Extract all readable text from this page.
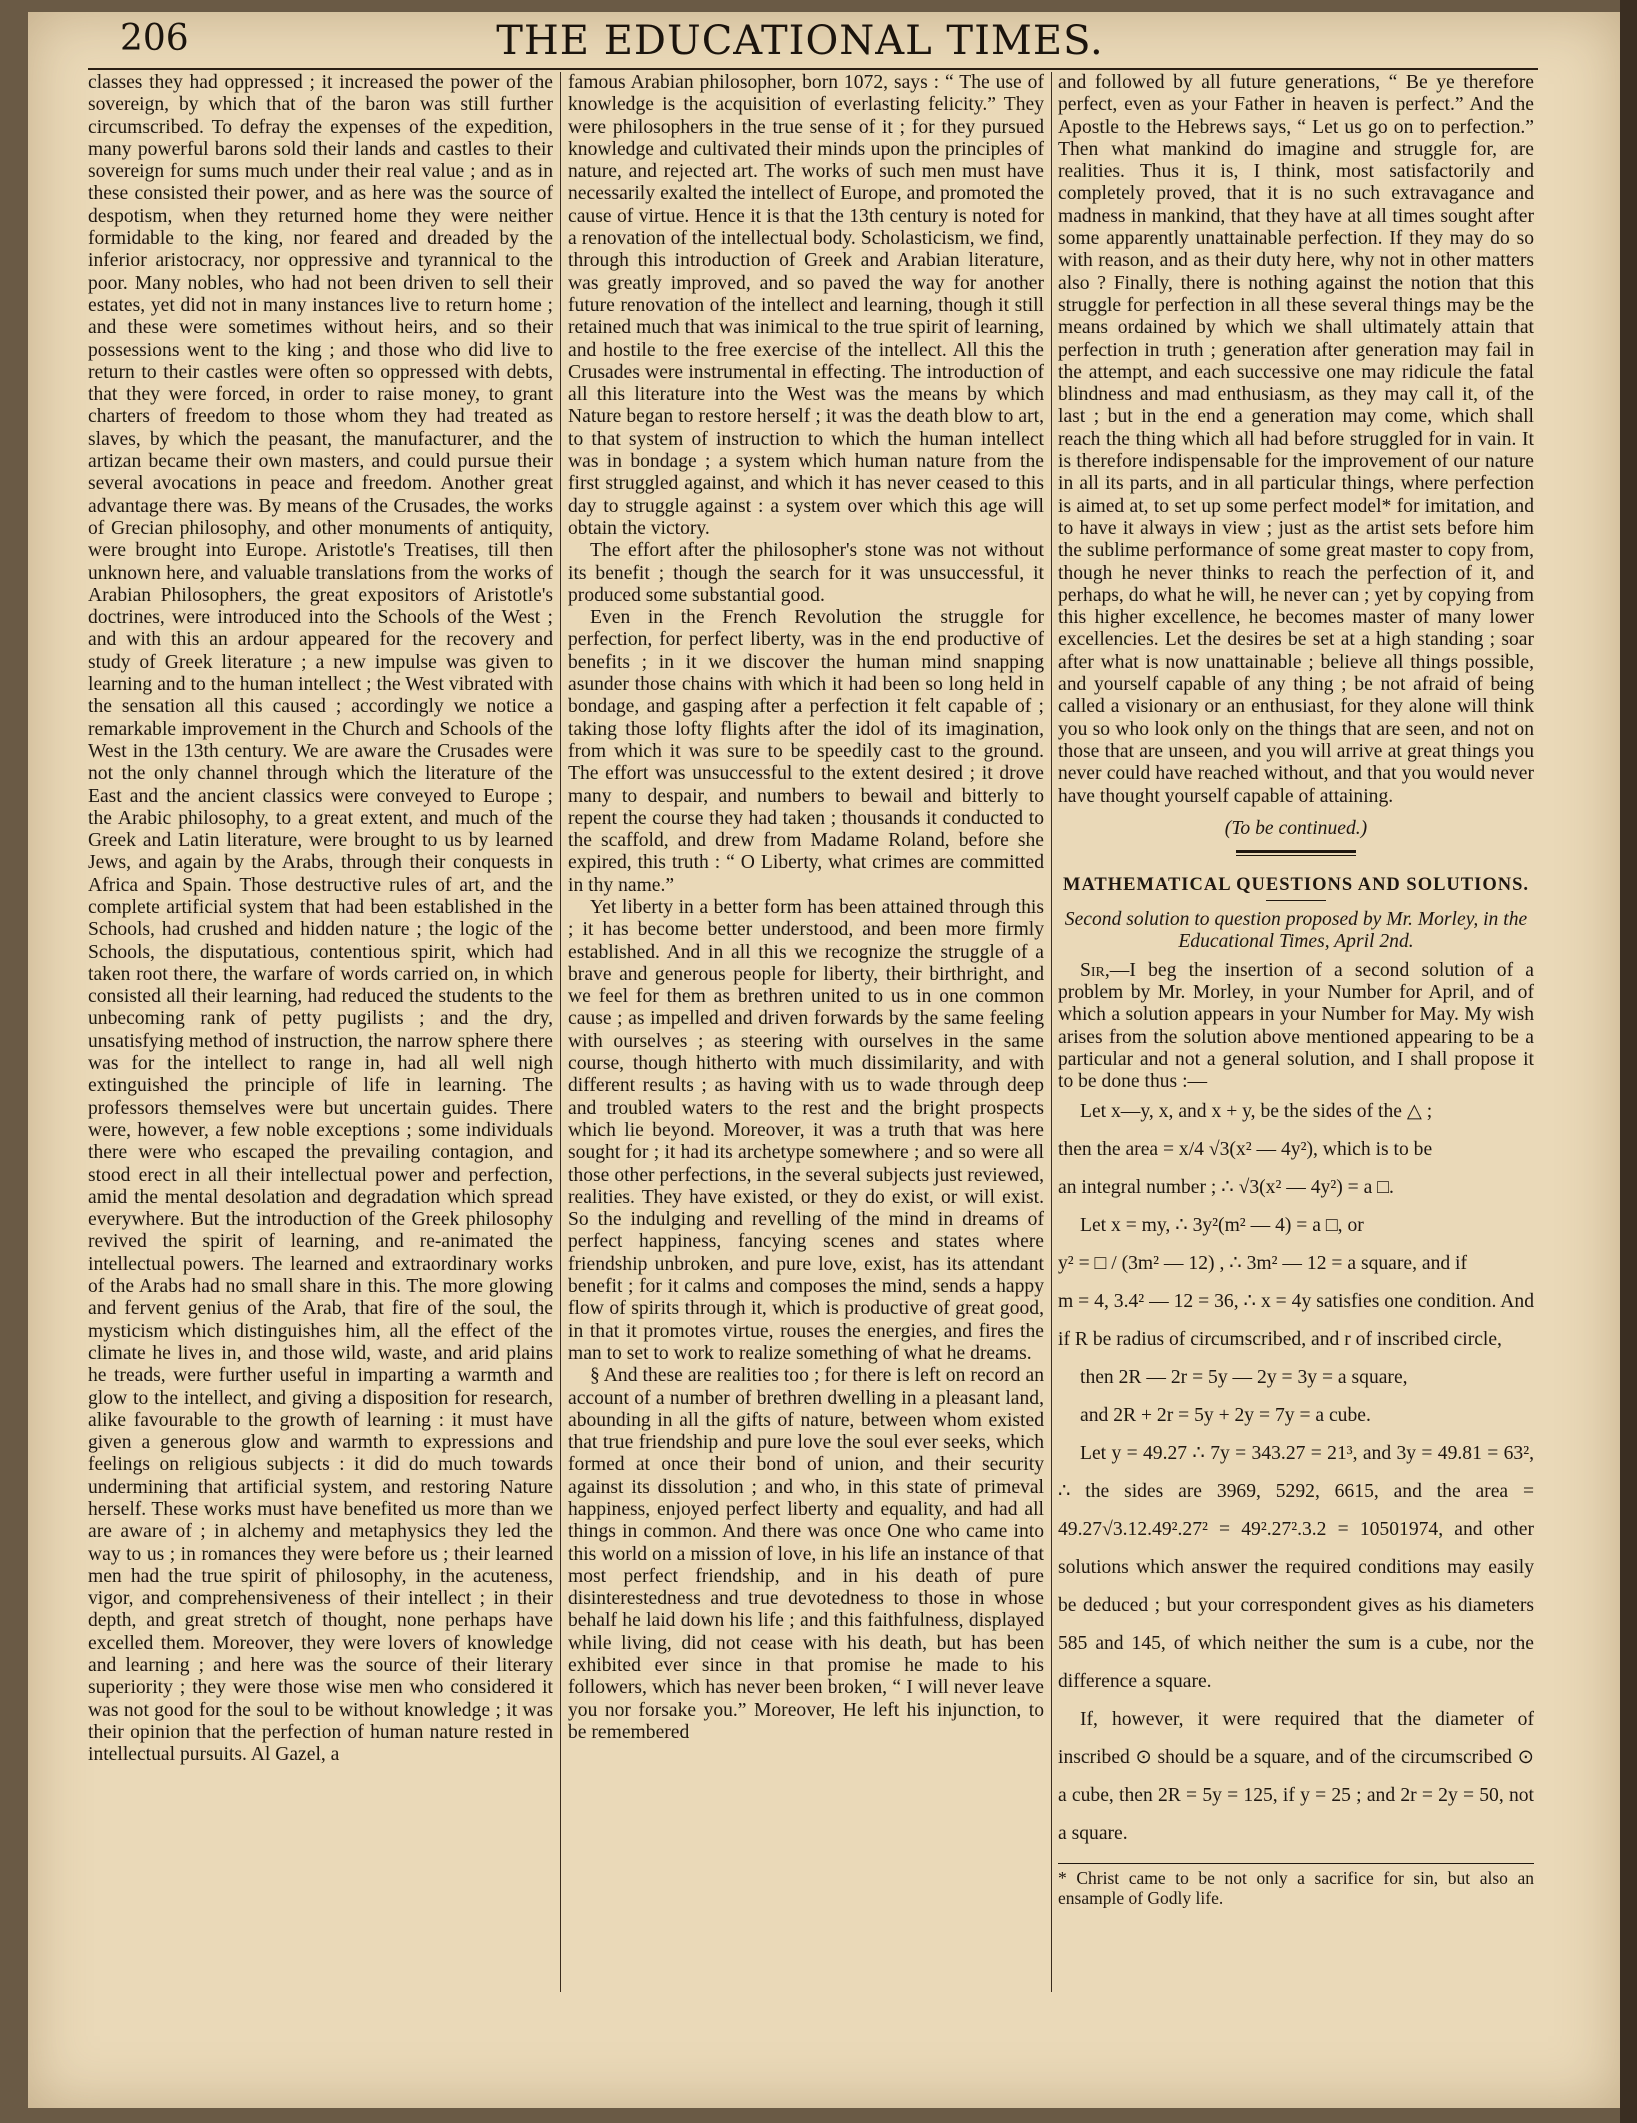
206	THE EDUCATIONAL TIMES.

classes they had oppressed ; it increased the power of the sovereign, by which that of the baron was still further circumscribed. To defray the expenses of the expedition, many powerful barons sold their lands and castles to their sovereign for sums much under their real value ; and as in these consisted their power, and as here was the source of despotism, when they returned home they were neither formidable to the king, nor feared and dreaded by the inferior aristocracy, nor oppressive and tyrannical to the poor. Many nobles, who had not been driven to sell their estates, yet did not in many instances live to return home ; and these were sometimes without heirs, and so their possessions went to the king ; and those who did live to return to their castles were often so oppressed with debts, that they were forced, in order to raise money, to grant charters of freedom to those whom they had treated as slaves, by which the peasant, the manufacturer, and the artizan became their own masters, and could pursue their several avocations in peace and freedom. Another great advantage there was. By means of the Crusades, the works of Grecian philosophy, and other monuments of antiquity, were brought into Europe. Aristotle's Treatises, till then unknown here, and valuable translations from the works of Arabian Philosophers, the great expositors of Aristotle's doctrines, were introduced into the Schools of the West ; and with this an ardour appeared for the recovery and study of Greek literature ; a new impulse was given to learning and to the human intellect ; the West vibrated with the sensation all this caused ; accordingly we notice a remarkable improvement in the Church and Schools of the West in the 13th century. We are aware the Crusades were not the only channel through which the literature of the East and the ancient classics were conveyed to Europe ; the Arabic philosophy, to a great extent, and much of the Greek and Latin literature, were brought to us by learned Jews, and again by the Arabs, through their conquests in Africa and Spain. Those destructive rules of art, and the complete artificial system that had been established in the Schools, had crushed and hidden nature ; the logic of the Schools, the disputatious, contentious spirit, which had taken root there, the warfare of words carried on, in which consisted all their learning, had reduced the students to the unbecoming rank of petty pugilists ; and the dry, unsatisfying method of instruction, the narrow sphere there was for the intellect to range in, had all well nigh extinguished the principle of life in learning. The professors themselves were but uncertain guides. There were, however, a few noble exceptions ; some individuals there were who escaped the prevailing contagion, and stood erect in all their intellectual power and perfection, amid the mental desolation and degradation which spread everywhere. But the introduction of the Greek philosophy revived the spirit of learning, and re-animated the intellectual powers. The learned and extraordinary works of the Arabs had no small share in this. The more glowing and fervent genius of the Arab, that fire of the soul, the mysticism which distinguishes him, all the effect of the climate he lives in, and those wild, waste, and arid plains he treads, were further useful in imparting a warmth and glow to the intellect, and giving a disposition for research, alike favourable to the growth of learning : it must have given a generous glow and warmth to expressions and feelings on religious subjects : it did do much towards undermining that artificial system, and restoring Nature herself. These works must have benefited us more than we are aware of ; in alchemy and metaphysics they led the way to us ; in romances they were before us ; their learned men had the true spirit of philosophy, in the acuteness, vigor, and comprehensiveness of their intellect ; in their depth, and great stretch of thought, none perhaps have excelled them. Moreover, they were lovers of knowledge and learning ; and here was the source of their literary superiority ; they were those wise men who considered it was not good for the soul to be without knowledge ; it was their opinion that the perfection of human nature rested in intellectual pursuits. Al Gazel, a

famous Arabian philosopher, born 1072, says : “ The use of knowledge is the acquisition of everlasting felicity.” They were philosophers in the true sense of it ; for they pursued knowledge and cultivated their minds upon the principles of nature, and rejected art. The works of such men must have necessarily exalted the intellect of Europe, and promoted the cause of virtue. Hence it is that the 13th century is noted for a renovation of the intellectual body. Scholasticism, we find, through this introduction of Greek and Arabian literature, was greatly improved, and so paved the way for another future renovation of the intellect and learning, though it still retained much that was inimical to the true spirit of learning, and hostile to the free exercise of the intellect. All this the Crusades were instrumental in effecting. The introduction of all this literature into the West was the means by which Nature began to restore herself ; it was the death blow to art, to that system of instruction to which the human intellect was in bondage ; a system which human nature from the first struggled against, and which it has never ceased to this day to struggle against : a system over which this age will obtain the victory.

The effort after the philosopher's stone was not without its benefit ; though the search for it was unsuccessful, it produced some substantial good.

Even in the French Revolution the struggle for perfection, for perfect liberty, was in the end productive of benefits ; in it we discover the human mind snapping asunder those chains with which it had been so long held in bondage, and gasping after a perfection it felt capable of ; taking those lofty flights after the idol of its imagination, from which it was sure to be speedily cast to the ground. The effort was unsuccessful to the extent desired ; it drove many to despair, and numbers to bewail and bitterly to repent the course they had taken ; thousands it conducted to the scaffold, and drew from Madame Roland, before she expired, this truth : “ O Liberty, what crimes are committed in thy name.”

Yet liberty in a better form has been attained through this ; it has become better understood, and been more firmly established. And in all this we recognize the struggle of a brave and generous people for liberty, their birthright, and we feel for them as brethren united to us in one common cause ; as impelled and driven forwards by the same feeling with ourselves ; as steering with ourselves in the same course, though hitherto with much dissimilarity, and with different results ; as having with us to wade through deep and troubled waters to the rest and the bright prospects which lie beyond. Moreover, it was a truth that was here sought for ; it had its archetype somewhere ; and so were all those other perfections, in the several subjects just reviewed, realities. They have existed, or they do exist, or will exist. So the indulging and revelling of the mind in dreams of perfect happiness, fancying scenes and states where friendship unbroken, and pure love, exist, has its attendant benefit ; for it calms and composes the mind, sends a happy flow of spirits through it, which is productive of great good, in that it promotes virtue, rouses the energies, and fires the man to set to work to realize something of what he dreams.

§ And these are realities too ; for there is left on record an account of a number of brethren dwelling in a pleasant land, abounding in all the gifts of nature, between whom existed that true friendship and pure love the soul ever seeks, which formed at once their bond of union, and their security against its dissolution ; and who, in this state of primeval happiness, enjoyed perfect liberty and equality, and had all things in common. And there was once One who came into this world on a mission of love, in his life an instance of that most perfect friendship, and in his death of pure disinterestedness and true devotedness to those in whose behalf he laid down his life ; and this faithfulness, displayed while living, did not cease with his death, but has been exhibited ever since in that promise he made to his followers, which has never been broken, “ I will never leave you nor forsake you.” Moreover, He left his injunction, to be remembered

and followed by all future generations, “ Be ye therefore perfect, even as your Father in heaven is perfect.” And the Apostle to the Hebrews says, “ Let us go on to perfection.” Then what mankind do imagine and struggle for, are realities. Thus it is, I think, most satisfactorily and completely proved, that it is no such extravagance and madness in mankind, that they have at all times sought after some apparently unattainable perfection. If they may do so with reason, and as their duty here, why not in other matters also ? Finally, there is nothing against the notion that this struggle for perfection in all these several things may be the means ordained by which we shall ultimately attain that perfection in truth ; generation after generation may fail in the attempt, and each successive one may ridicule the fatal blindness and mad enthusiasm, as they may call it, of the last ; but in the end a generation may come, which shall reach the thing which all had before struggled for in vain. It is therefore indispensable for the improvement of our nature in all its parts, and in all particular things, where perfection is aimed at, to set up some perfect model* for imitation, and to have it always in view ; just as the artist sets before him the sublime performance of some great master to copy from, though he never thinks to reach the perfection of it, and perhaps, do what he will, he never can ; yet by copying from this higher excellence, he becomes master of many lower excellencies. Let the desires be set at a high standing ; soar after what is now unattainable ; believe all things possible, and yourself capable of any thing ; be not afraid of being called a visionary or an enthusiast, for they alone will think you so who look only on the things that are seen, and not on those that are unseen, and you will arrive at great things you never could have reached without, and that you would never have thought yourself capable of attaining.

(To be continued.)
MATHEMATICAL QUESTIONS AND SOLUTIONS.
Second solution to question proposed by Mr. Morley, in the Educational Times, April 2nd.

Sir,—I beg the insertion of a second solution of a problem by Mr. Morley, in your Number for April, and of which a solution appears in your Number for May. My wish arises from the solution above mentioned appearing to be a particular and not a general solution, and I shall propose it to be done thus :—

Let x—y, x, and x + y, be the sides of the △ ;

then the area = x/4 √3(x² — 4y²), which is to be

an integral number ; ∴ √3(x² — 4y²) = a □.

Let x = my, ∴ 3y²(m² — 4) = a □, or

y² = □ / (3m² — 12) , ∴ 3m² — 12 = a square, and if

m = 4, 3.4² — 12 = 36, ∴ x = 4y satisfies one condition. And if R be radius of circumscribed, and r of inscribed circle,

then 2R — 2r = 5y — 2y = 3y = a square,

and 2R + 2r = 5y + 2y = 7y = a cube.

Let y = 49.27 ∴ 7y = 343.27 = 21³, and 3y = 49.81 = 63², ∴ the sides are 3969, 5292, 6615, and the area = 49.27√3.12.49².27² = 49².27².3.2 = 10501974, and other solutions which answer the required conditions may easily be deduced ; but your correspondent gives as his diameters 585 and 145, of which neither the sum is a cube, nor the difference a square.

If, however, it were required that the diameter of inscribed ⊙ should be a square, and of the circumscribed ⊙ a cube, then 2R = 5y = 125, if y = 25 ; and 2r = 2y = 50, not a square.

* Christ came to be not only a sacrifice for sin, but also an ensample of Godly life.
